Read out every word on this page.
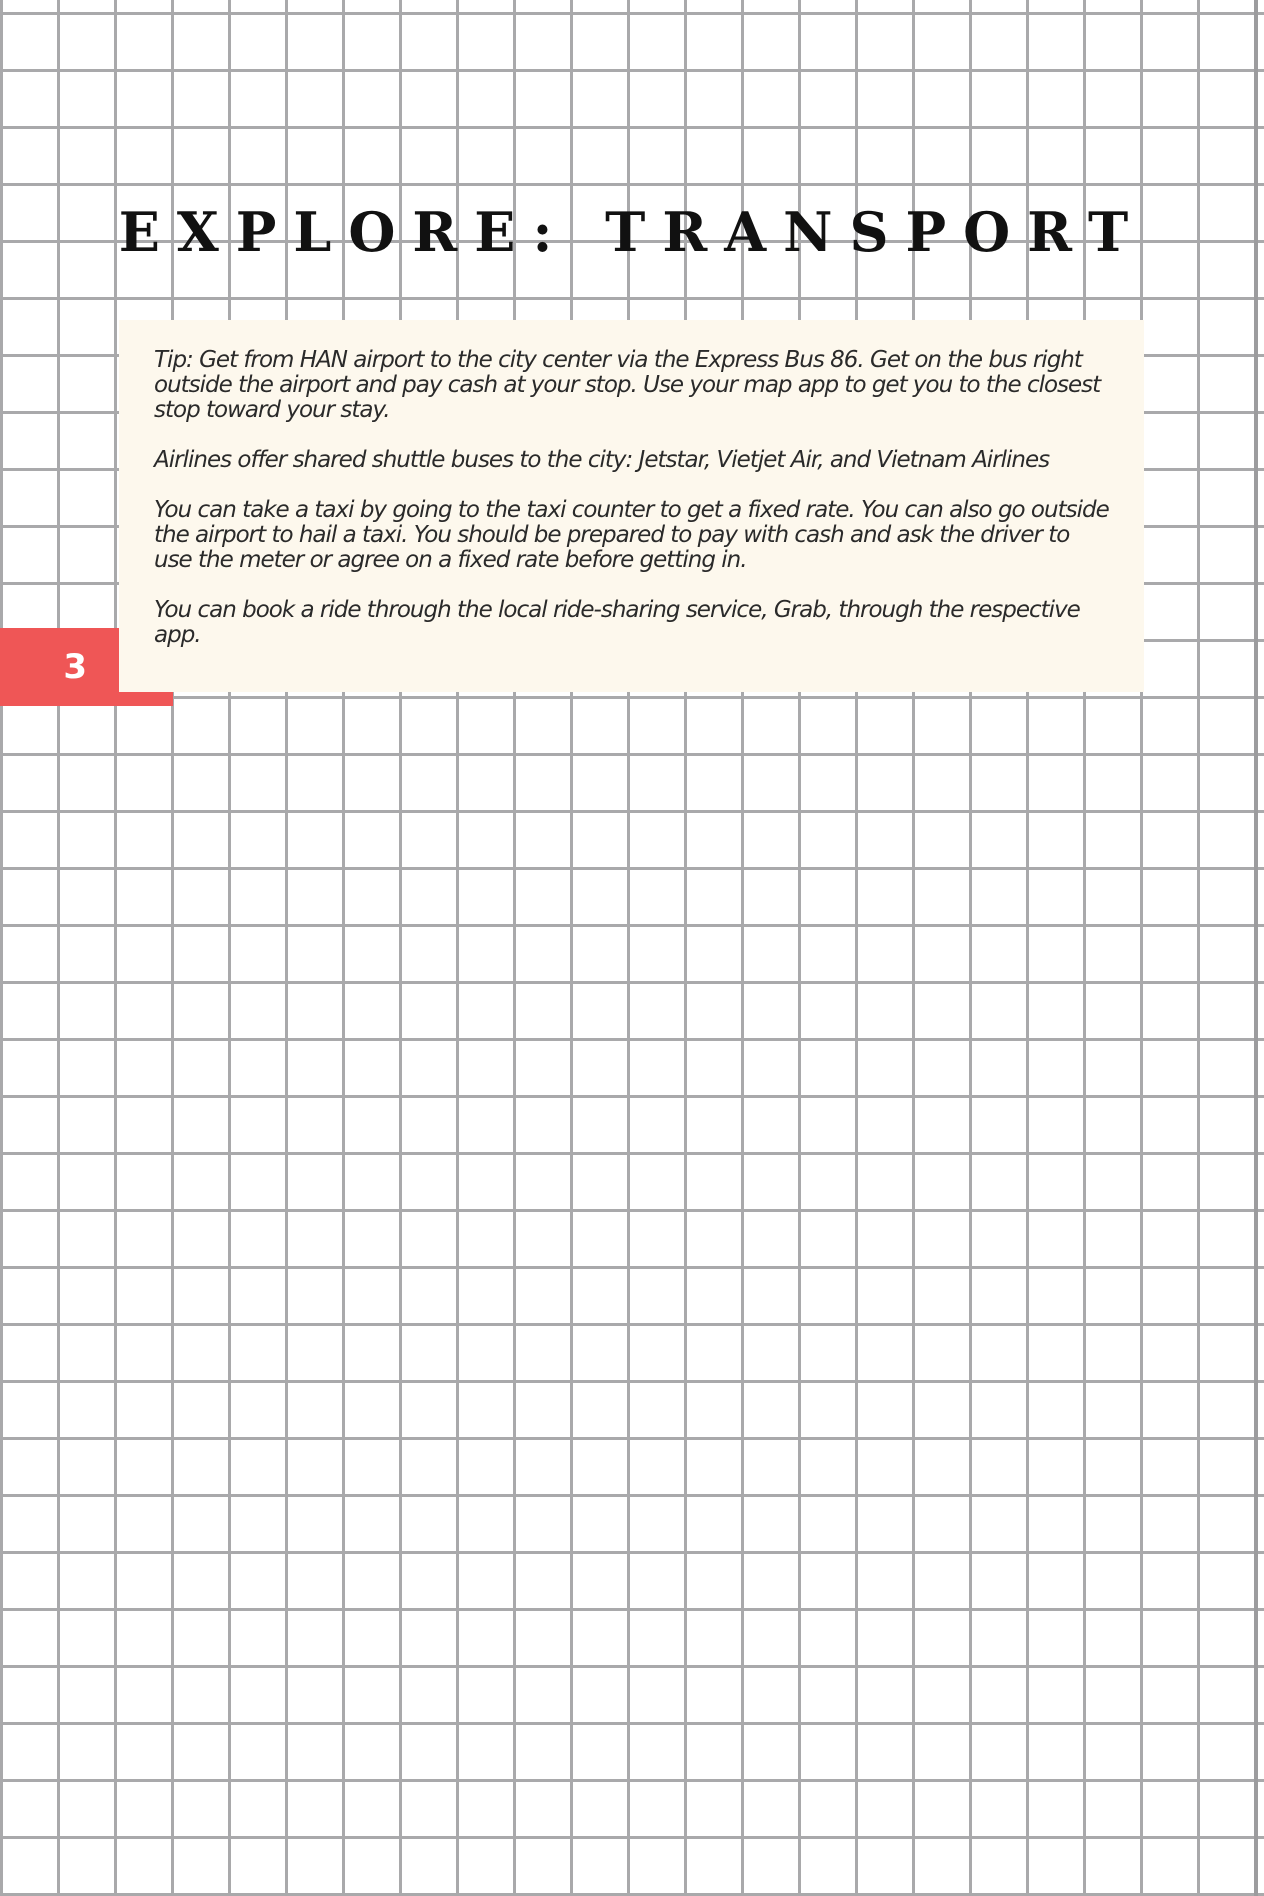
EXPLORE: TRANSPORT

Tip: Get from HAN airport to the city center via the Express Bus 86. Get on the bus right outside the airport and pay cash at your stop. Use your map app to get you to the closest stop toward your stay.

Airlines offer shared shuttle buses to the city: Jetstar, Vietjet Air, and Vietnam Airlines

You can take a taxi by going to the taxi counter to get a fixed rate. You can also go outside the airport to hail a taxi. You should be prepared to pay with cash and ask the driver to use the meter or agree on a fixed rate before getting in.

You can book a ride through the local ride-sharing service, Grab, through the respective app.

3
